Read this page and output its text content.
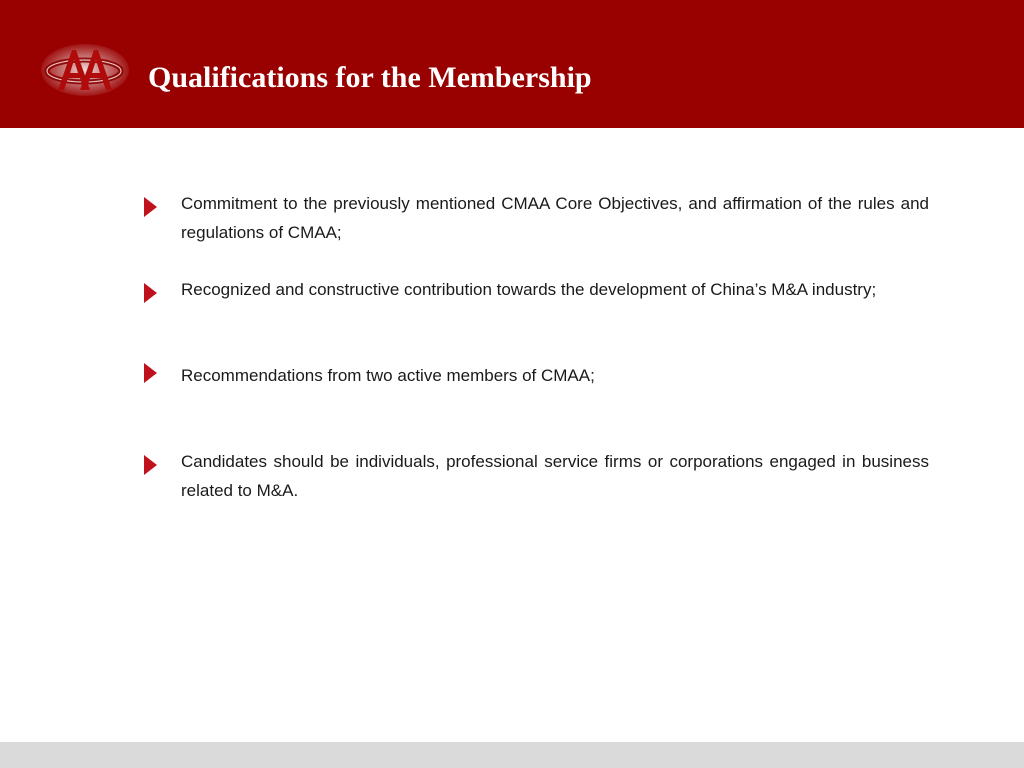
Qualifications for the Membership

Commitment to the previously mentioned CMAA Core Objectives, and affirmation of the rules and  regulations of CMAA;

Recognized and constructive contribution towards the development of China’s M&A industry;

Recommendations from two active members of CMAA;

Candidates should be individuals, professional service firms or corporations engaged in business related to M&A.
